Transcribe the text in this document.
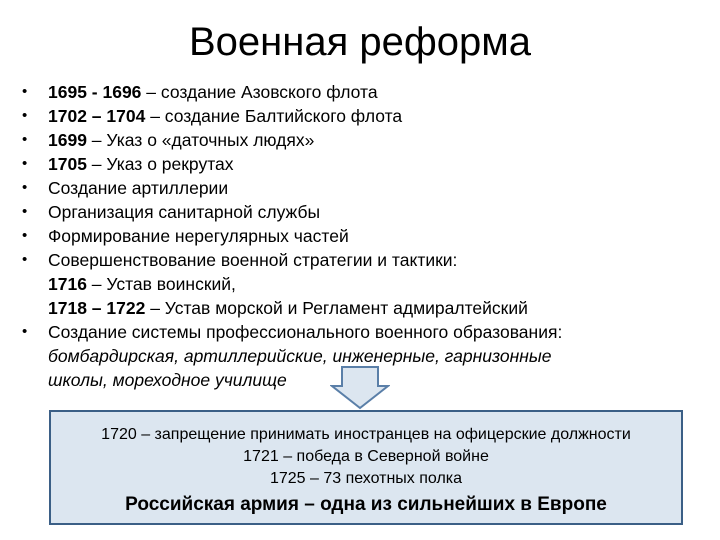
Военная реформа
• 1695 - 1696 – создание Азовского флота
• 1702 – 1704 – создание Балтийского флота
• 1699 – Указ о «даточных людях»
• 1705 – Указ о рекрутах
• Создание артиллерии
• Организация санитарной службы
• Формирование нерегулярных частей
• Совершенствование военной стратегии и тактики:
1716 – Устав воинский,
1718 – 1722 – Устав морской и Регламент адмиралтейский
• Создание системы профессионального военного образования:
бомбардирская, артиллерийские, инженерные, гарнизонные
школы, мореходное училище
1720 – запрещение принимать иностранцев на офицерские должности
1721 – победа в Северной войне
1725 – 73 пехотных полка
Российская армия – одна из сильнейших в Европе
